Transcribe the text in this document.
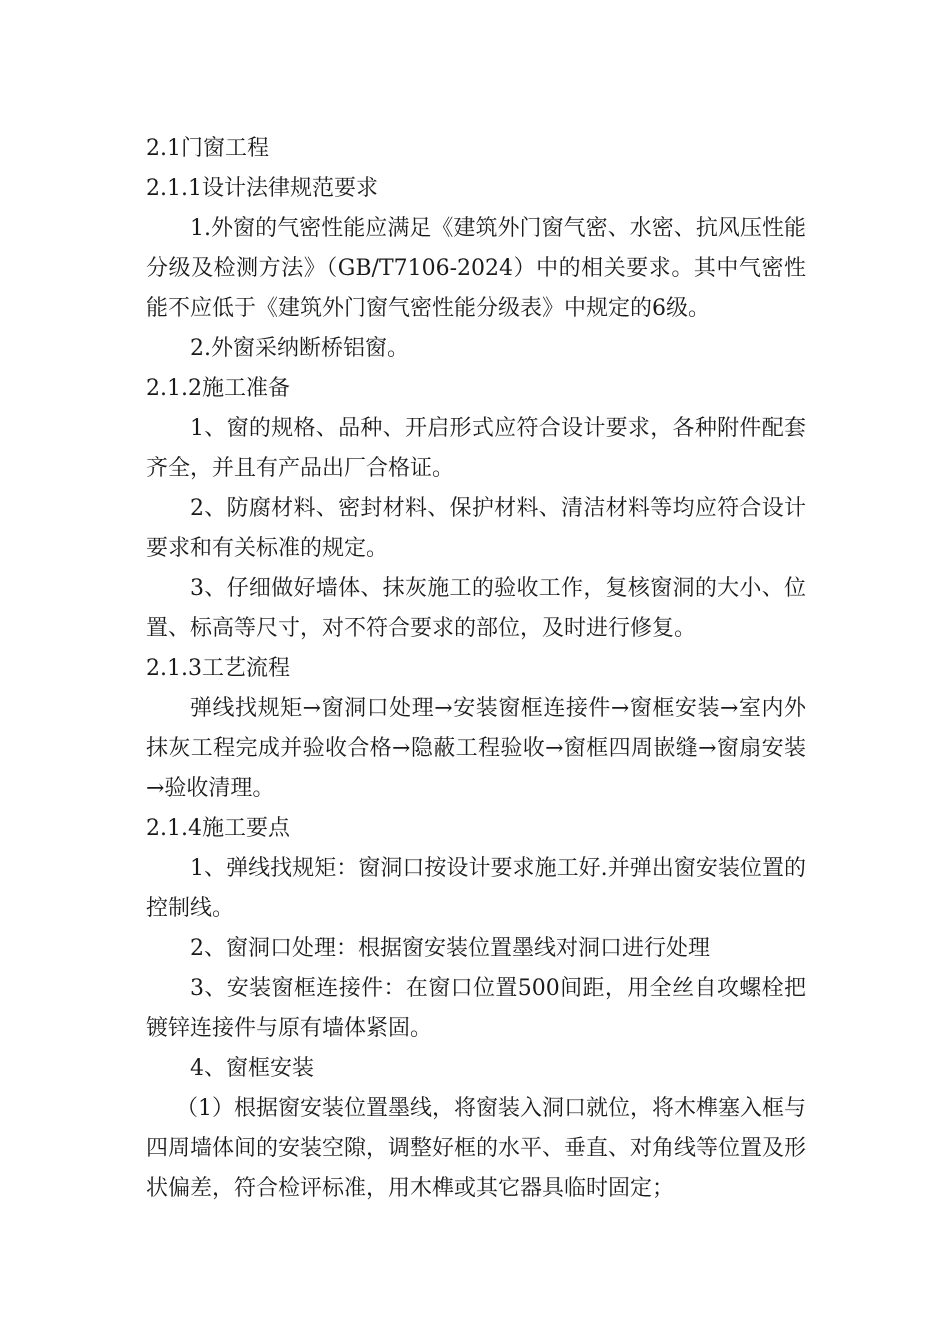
2.1门窗工程

2.1.1设计法律规范要求

1.外窗的气密性能应满足《建筑外门窗气密、水密、抗风压性能分级及检测方法》（GB/T7106-2024）中的相关要求。其中气密性能不应低于《建筑外门窗气密性能分级表》中规定的6级。

2.外窗采纳断桥铝窗。

2.1.2施工准备

1、窗的规格、品种、开启形式应符合设计要求，各种附件配套齐全，并且有产品出厂合格证。

2、防腐材料、密封材料、保护材料、清洁材料等均应符合设计要求和有关标准的规定。

3、仔细做好墙体、抹灰施工的验收工作，复核窗洞的大小、位置、标高等尺寸，对不符合要求的部位，及时进行修复。

2.1.3工艺流程

弹线找规矩→窗洞口处理→安装窗框连接件→窗框安装→室内外抹灰工程完成并验收合格→隐蔽工程验收→窗框四周嵌缝→窗扇安装→验收清理。

2.1.4施工要点

1、弹线找规矩：窗洞口按设计要求施工好.并弹出窗安装位置的控制线。

2、窗洞口处理：根据窗安装位置墨线对洞口进行处理

3、安装窗框连接件：在窗口位置500间距，用全丝自攻螺栓把镀锌连接件与原有墙体紧固。

4、窗框安装

（1）根据窗安装位置墨线，将窗装入洞口就位，将木榫塞入框与四周墙体间的安装空隙，调整好框的水平、垂直、对角线等位置及形状偏差，符合检评标准，用木榫或其它器具临时固定；
